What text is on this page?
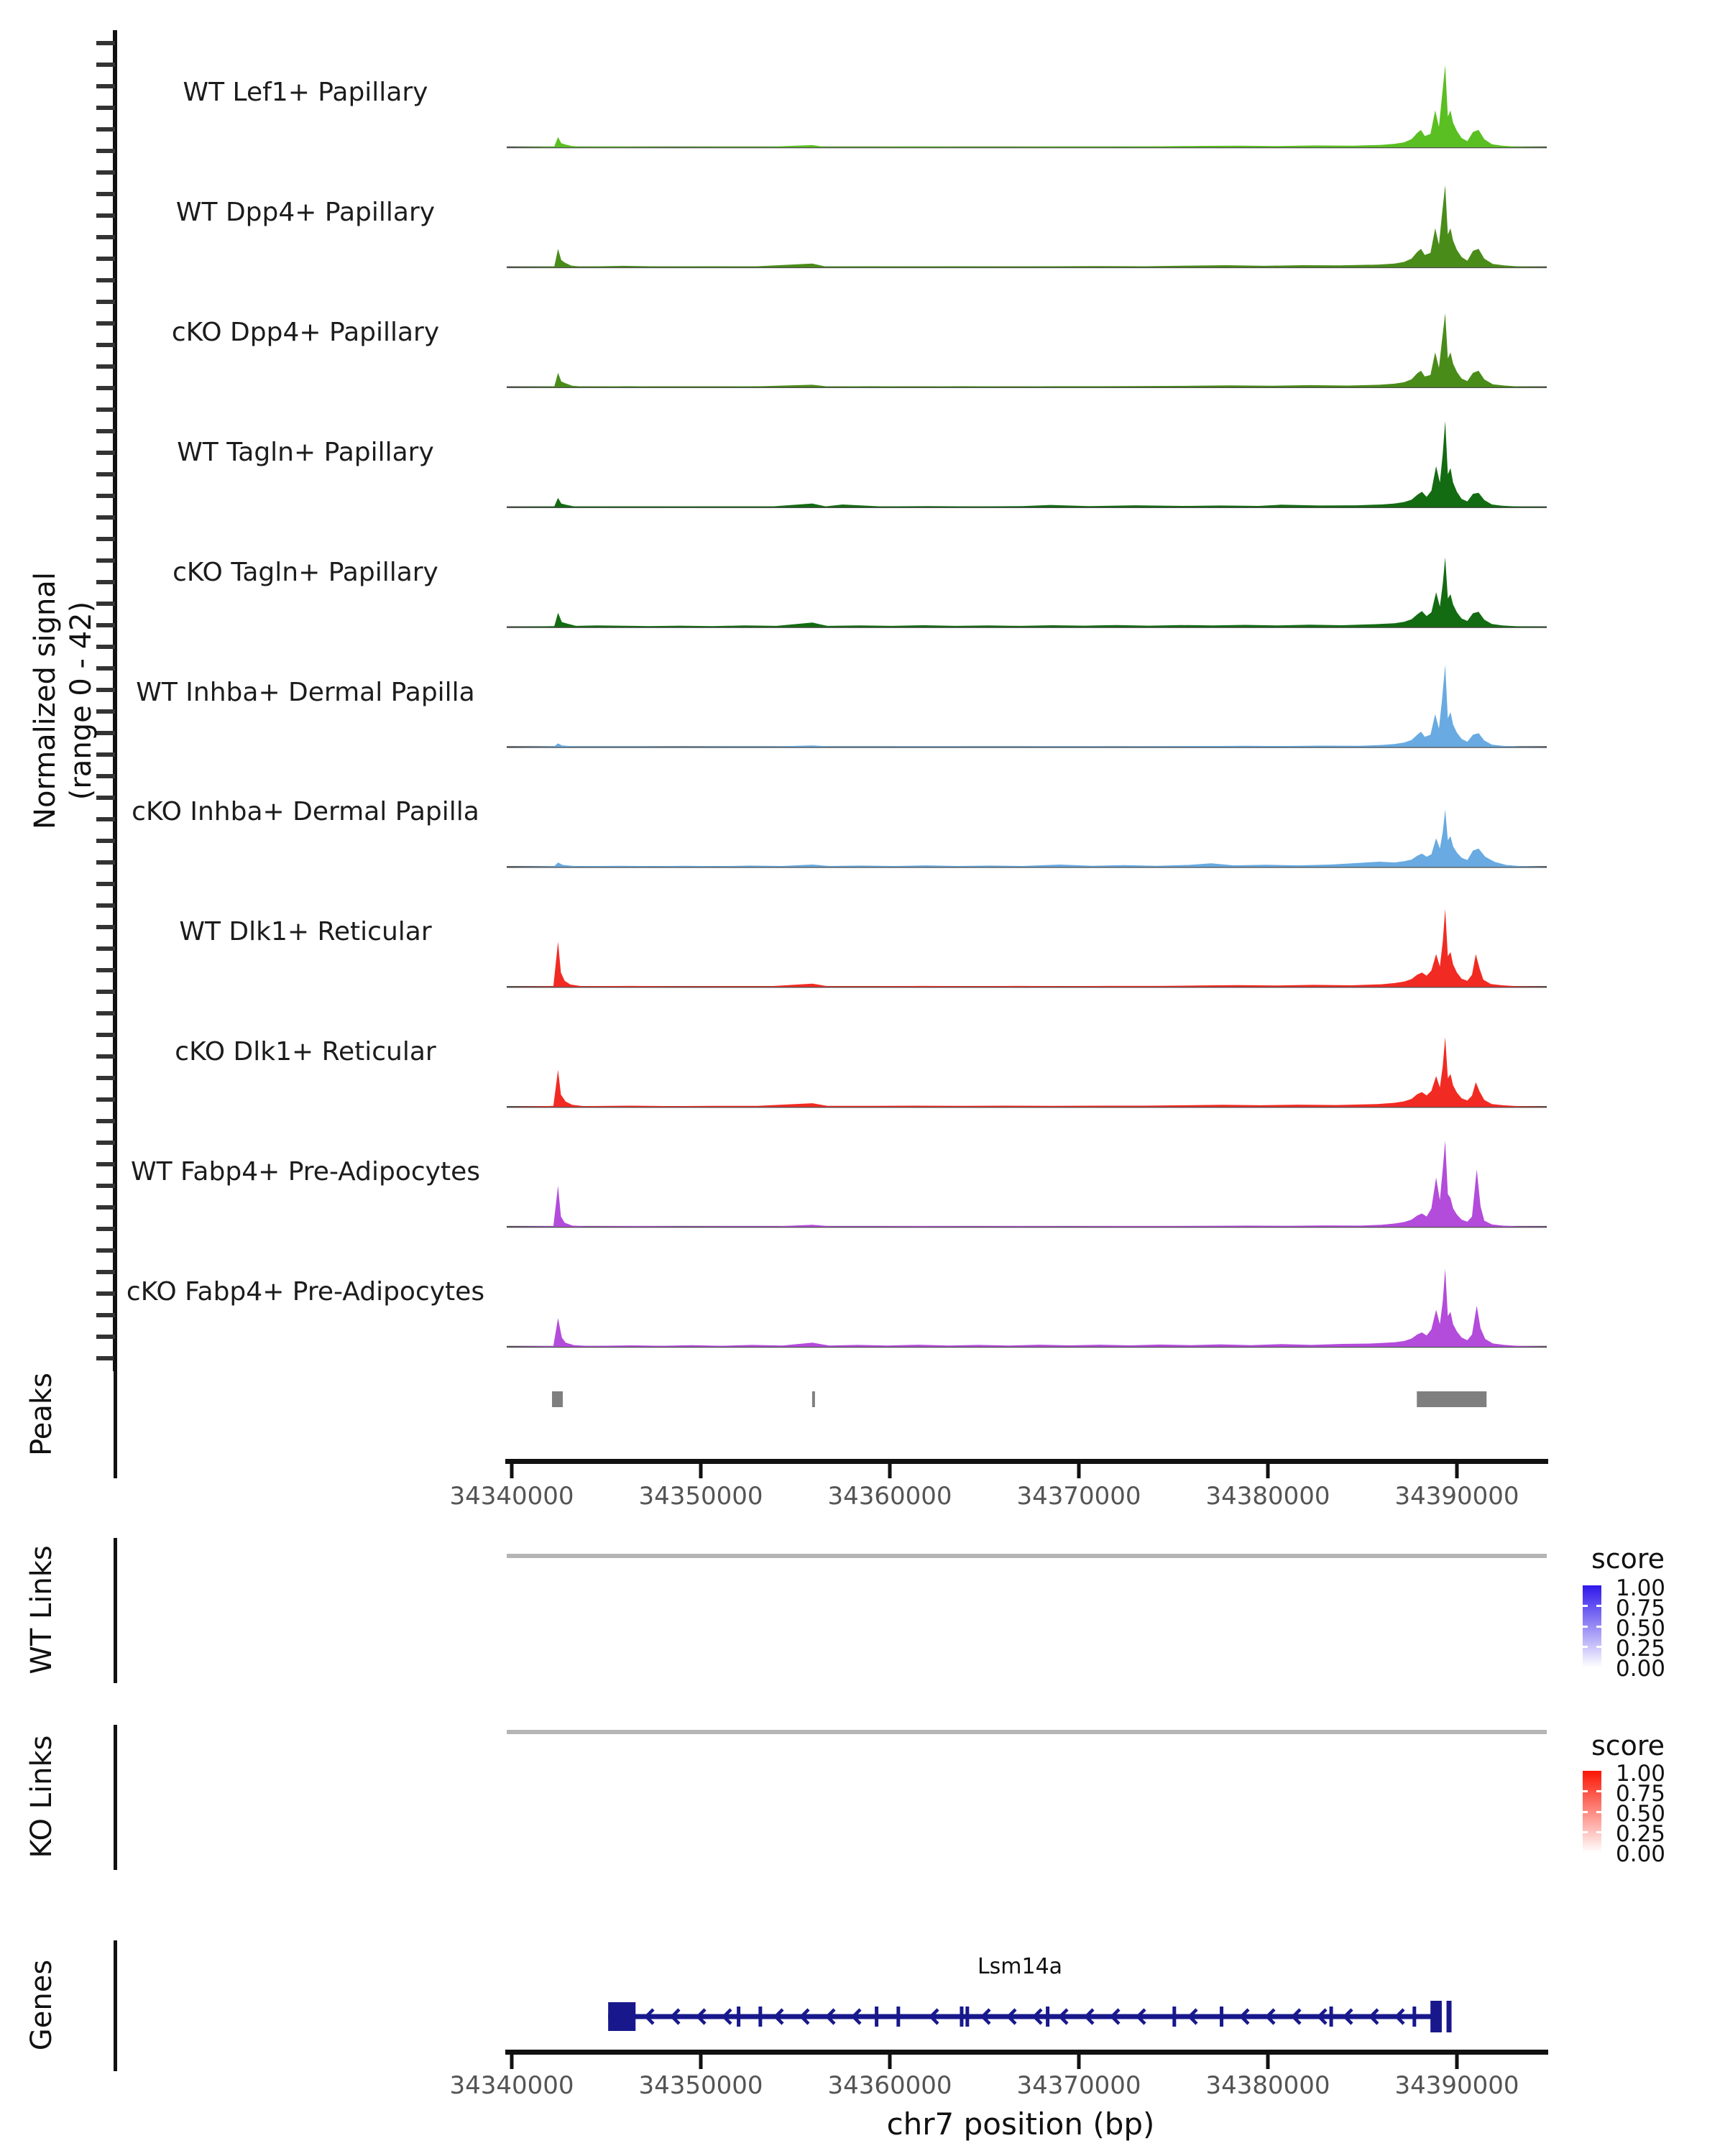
Normalized signal (range 0 - 42)
WT Lef1+ Papillary
WT Dpp4+ Papillary
cKO Dpp4+ Papillary
WT Tagln+ Papillary
cKO Tagln+ Papillary
WT Inhba+ Dermal Papilla
cKO Inhba+ Dermal Papilla
WT Dlk1+ Reticular
cKO Dlk1+ Reticular
WT Fabp4+ Pre-Adipocytes
cKO Fabp4+ Pre-Adipocytes
Peaks
WT Links
KO Links
Genes
score
score
Lsm14a
chr7 position (bp)
34340000	34350000	34360000	34370000	34380000	34390000
34340000	34350000	34360000	34370000	34380000	34390000
1.00
0.75
0.50
0.25
0.00
1.00
0.75
0.50
0.25
0.00
